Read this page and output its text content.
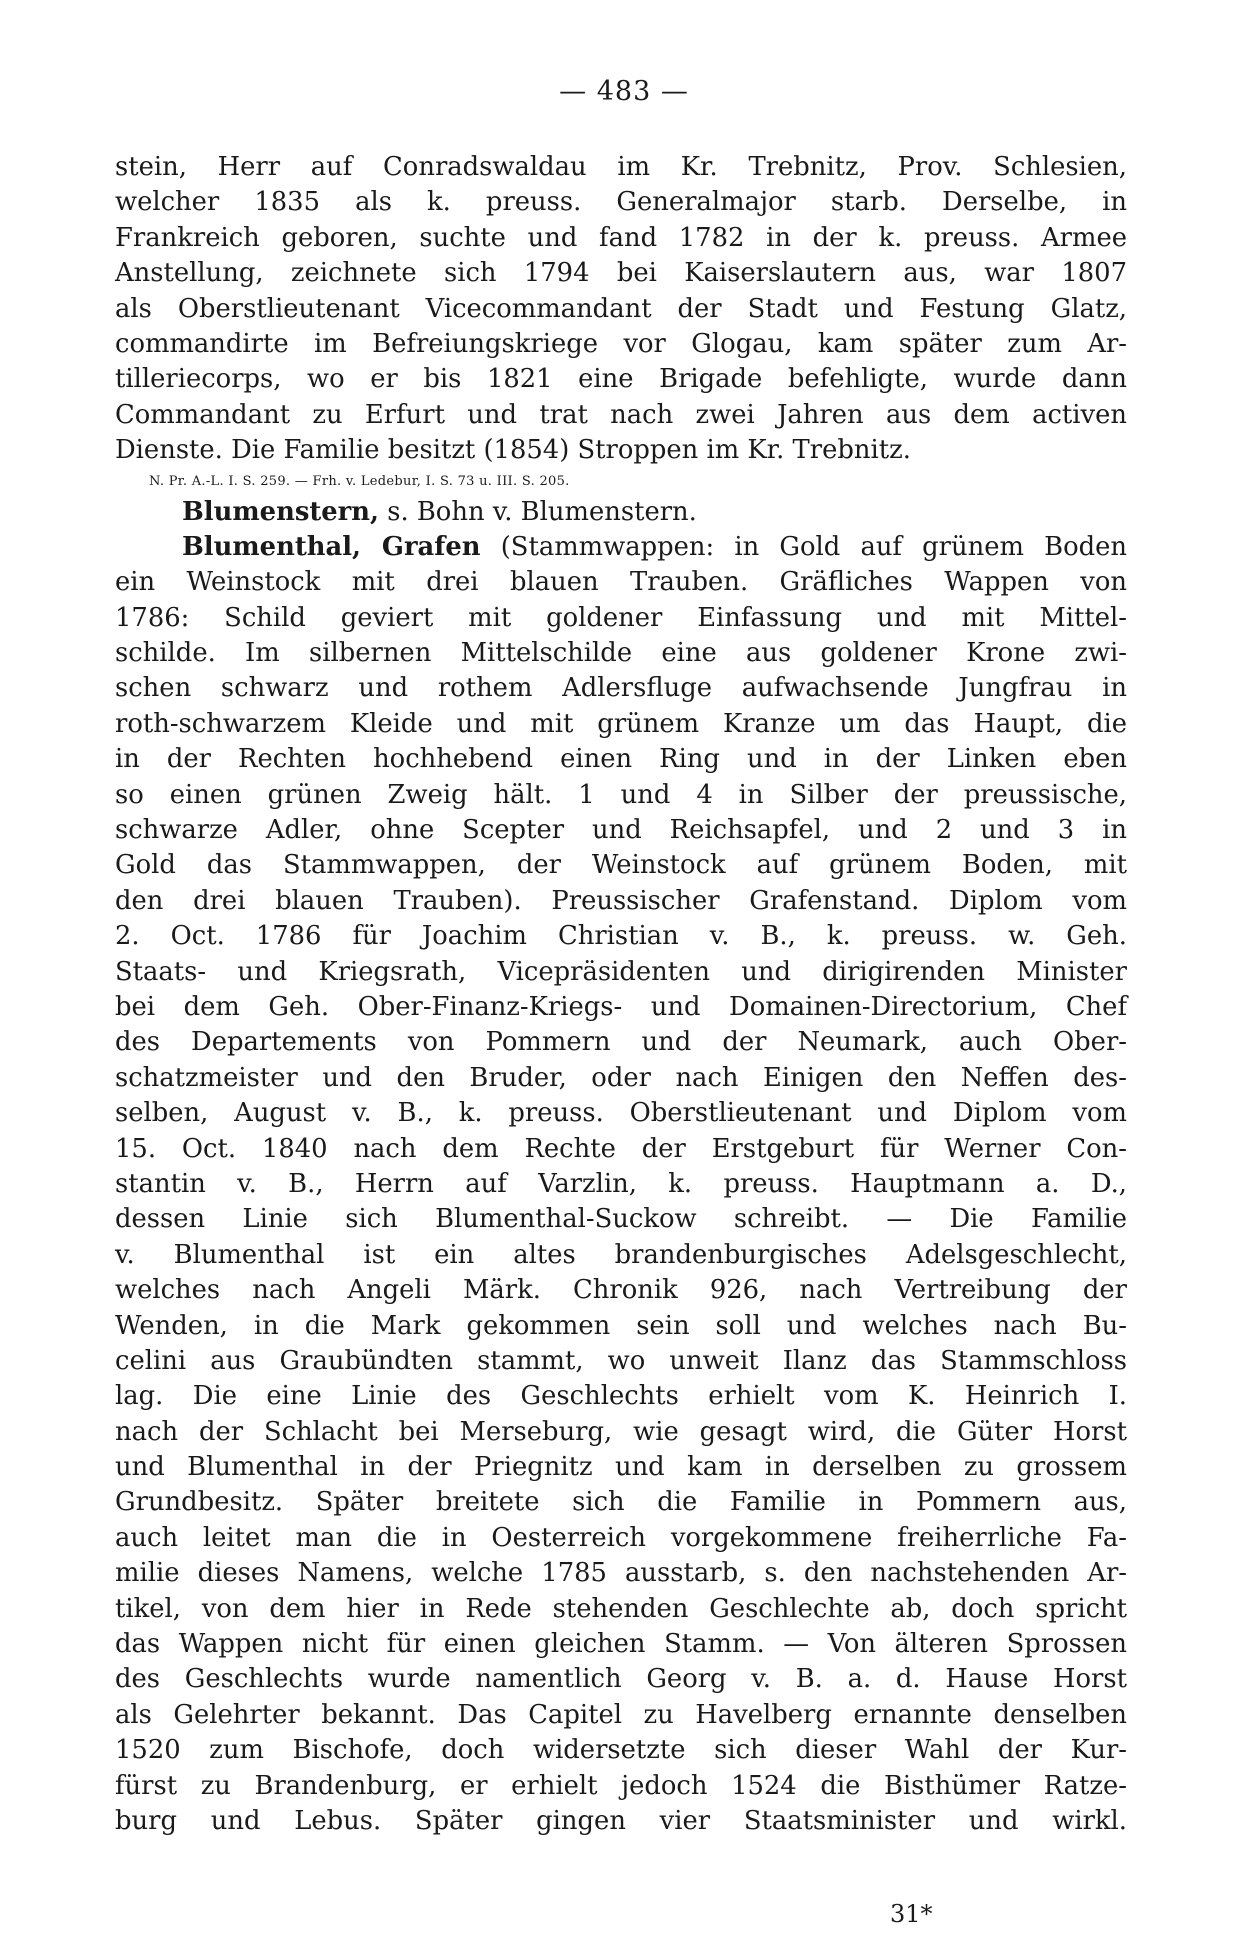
— 483 —
stein, Herr auf Conradswaldau im Kr. Trebnitz, Prov. Schlesien,
welcher 1835 als k. preuss. Generalmajor starb. Derselbe, in
Frankreich geboren, suchte und fand 1782 in der k. preuss. Armee
Anstellung, zeichnete sich 1794 bei Kaiserslautern aus, war 1807
als Oberstlieutenant Vicecommandant der Stadt und Festung Glatz,
commandirte im Befreiungskriege vor Glogau, kam später zum Ar-
tilleriecorps, wo er bis 1821 eine Brigade befehligte, wurde dann
Commandant zu Erfurt und trat nach zwei Jahren aus dem activen
Dienste. Die Familie besitzt (1854) Stroppen im Kr. Trebnitz.
N. Pr. A.-L. I. S. 259. — Frh. v. Ledebur, I. S. 73 u. III. S. 205.
Blumenstern, s. Bohn v. Blumenstern.
Blumenthal, Grafen (Stammwappen: in Gold auf grünem Boden
ein Weinstock mit drei blauen Trauben. Gräfliches Wappen von
1786: Schild geviert mit goldener Einfassung und mit Mittel-
schilde. Im silbernen Mittelschilde eine aus goldener Krone zwi-
schen schwarz und rothem Adlersfluge aufwachsende Jungfrau in
roth-schwarzem Kleide und mit grünem Kranze um das Haupt, die
in der Rechten hochhebend einen Ring und in der Linken eben
so einen grünen Zweig hält. 1 und 4 in Silber der preussische,
schwarze Adler, ohne Scepter und Reichsapfel, und 2 und 3 in
Gold das Stammwappen, der Weinstock auf grünem Boden, mit
den drei blauen Trauben). Preussischer Grafenstand. Diplom vom
2. Oct. 1786 für Joachim Christian v. B., k. preuss. w. Geh.
Staats- und Kriegsrath, Vicepräsidenten und dirigirenden Minister
bei dem Geh. Ober-Finanz-Kriegs- und Domainen-Directorium, Chef
des Departements von Pommern und der Neumark, auch Ober-
schatzmeister und den Bruder, oder nach Einigen den Neffen des-
selben, August v. B., k. preuss. Oberstlieutenant und Diplom vom
15. Oct. 1840 nach dem Rechte der Erstgeburt für Werner Con-
stantin v. B., Herrn auf Varzlin, k. preuss. Hauptmann a. D.,
dessen Linie sich Blumenthal-Suckow schreibt. — Die Familie
v. Blumenthal ist ein altes brandenburgisches Adelsgeschlecht,
welches nach Angeli Märk. Chronik 926, nach Vertreibung der
Wenden, in die Mark gekommen sein soll und welches nach Bu-
celini aus Graubündten stammt, wo unweit Ilanz das Stammschloss
lag. Die eine Linie des Geschlechts erhielt vom K. Heinrich I.
nach der Schlacht bei Merseburg, wie gesagt wird, die Güter Horst
und Blumenthal in der Priegnitz und kam in derselben zu grossem
Grundbesitz. Später breitete sich die Familie in Pommern aus,
auch leitet man die in Oesterreich vorgekommene freiherrliche Fa-
milie dieses Namens, welche 1785 ausstarb, s. den nachstehenden Ar-
tikel, von dem hier in Rede stehenden Geschlechte ab, doch spricht
das Wappen nicht für einen gleichen Stamm. — Von älteren Sprossen
des Geschlechts wurde namentlich Georg v. B. a. d. Hause Horst
als Gelehrter bekannt. Das Capitel zu Havelberg ernannte denselben
1520 zum Bischofe, doch widersetzte sich dieser Wahl der Kur-
fürst zu Brandenburg, er erhielt jedoch 1524 die Bisthümer Ratze-
burg und Lebus. Später gingen vier Staatsminister und wirkl.
31*
